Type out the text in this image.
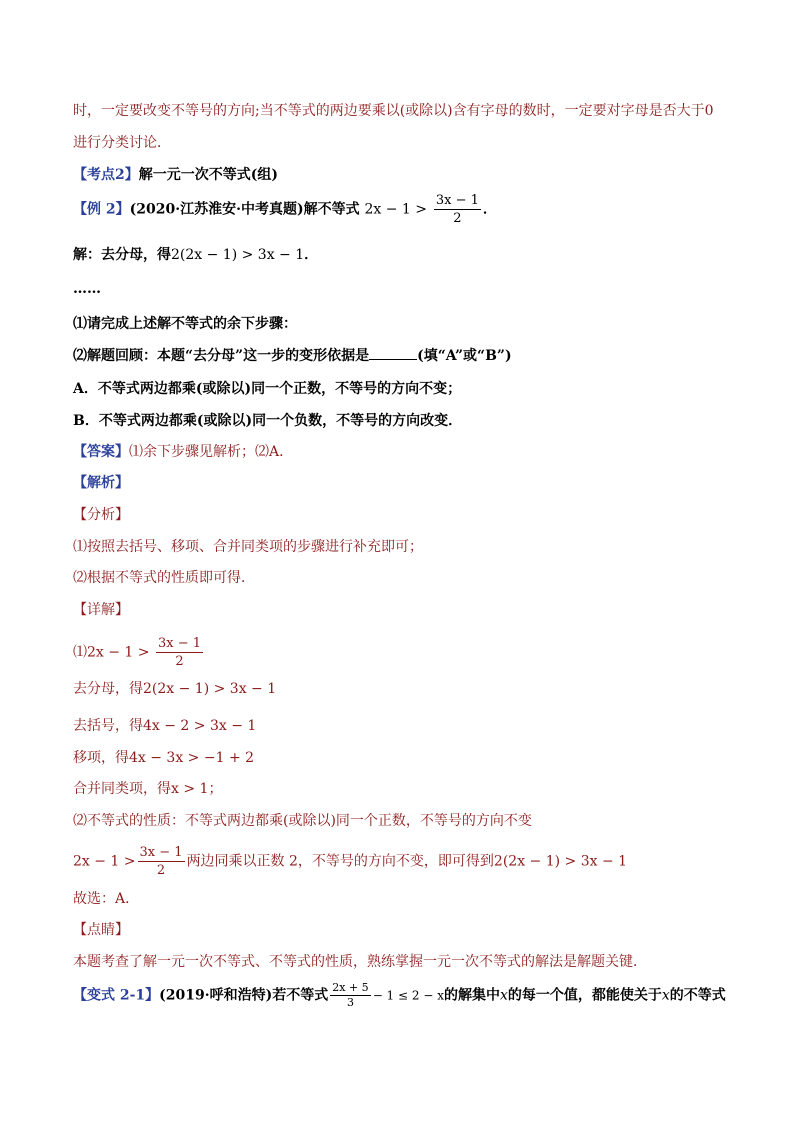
时，一定要改变不等号的方向;当不等式的两边要乘以(或除以)含有字母的数时，一定要对字母是否大于0
进行分类讨论．
【考点2】解一元一次不等式(组)
【例 2】(2020·江苏淮安·中考真题)解不等式 $2x - 1 > \frac{3x - 1}{2}$ ．
解：去分母，得2(2x − 1) > 3x − 1．
……
⑴请完成上述解不等式的余下步骤：
⑵解题回顾：本题“去分母”这一步的变形依据是	(填“A”或“B”)
A．不等式两边都乘(或除以)同一个正数，不等号的方向不变；
B．不等式两边都乘(或除以)同一个负数，不等号的方向改变．
【答案】⑴余下步骤见解析；⑵A．
【解析】
【分析】
⑴按照去括号、移项、合并同类项的步骤进行补充即可；
⑵根据不等式的性质即可得．
【详解】
⑴2x − $1 > \frac{3x - 1}{2}$
去分母，得2(2x − 1) > 3x − 1
去括号，得4x − 2 > 3x − 1
移项，得4x − 3x > −1 + 2
合并同类项，得x > 1；
⑵不等式的性质：不等式两边都乘(或除以)同一个正数，不等号的方向不变
$2x - 1 > \frac{3x - 1}{2}$ 两边同乘以正数 2，不等号的方向不变，即可得到2(2x − 1) > 3x − 1
故选：A．
【点睛】
本题考查了解一元一次不等式、不等式的性质，熟练掌握一元一次不等式的解法是解题关键．
【变式 2-1】(2019·呼和浩特)若不等式 $\frac{2x + 5}{3} - 1 \le 2 - x$的解集中x的每一个值，都能使关于x的不等式
